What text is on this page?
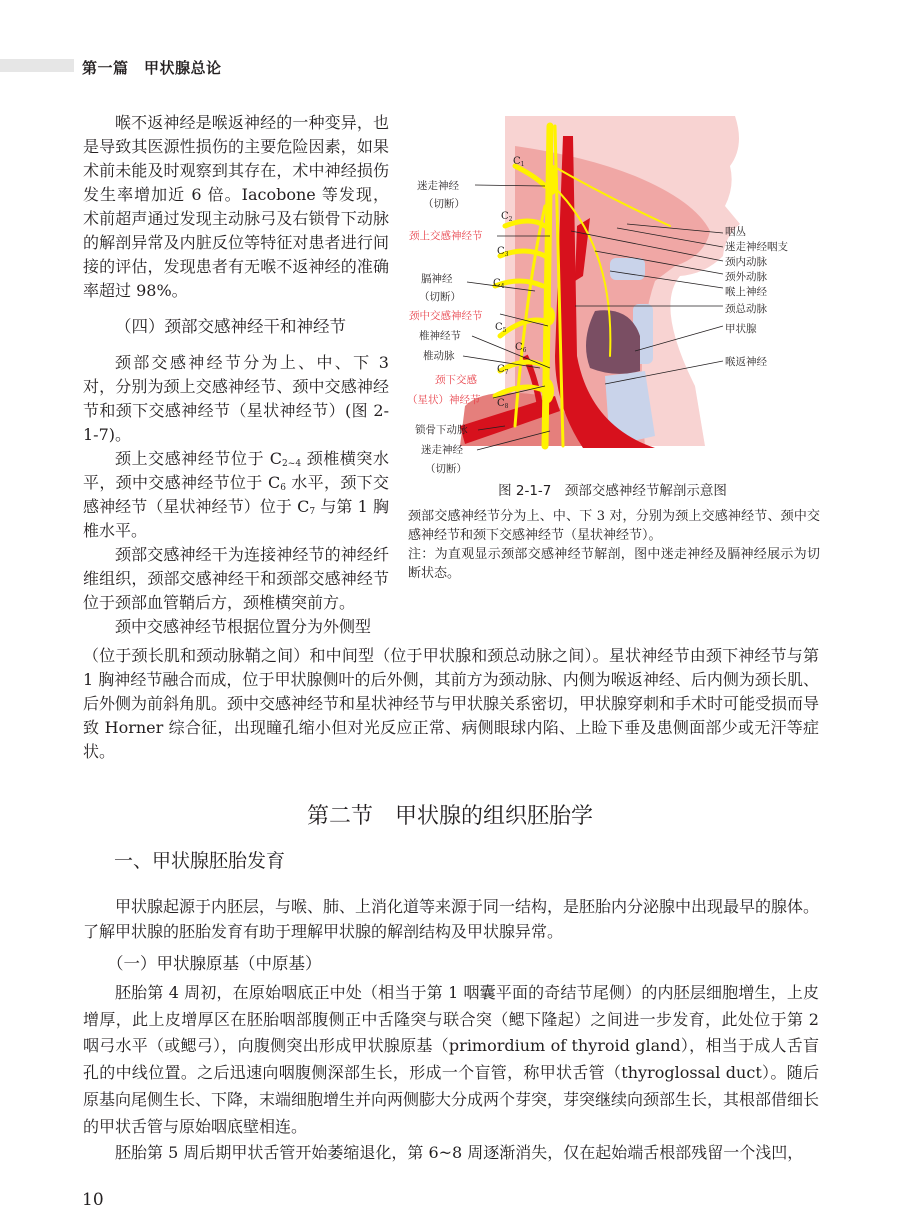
第一篇　甲状腺总论

喉不返神经是喉返神经的一种变异，也是导致其医源性损伤的主要危险因素，如果术前未能及时观察到其存在，术中神经损伤发生率增加近 6 倍。Iacobone 等发现，术前超声通过发现主动脉弓及右锁骨下动脉的解剖异常及内脏反位等特征对患者进行间接的评估，发现患者有无喉不返神经的准确率超过 98%。

（四）颈部交感神经干和神经节

颈部交感神经节分为上、中、下 3 对，分别为颈上交感神经节、颈中交感神经节和颈下交感神经节（星状神经节）(图 2-1-7)。

颈上交感神经节位于 $C_{2\sim 4}$ 颈椎横突水平，颈中交感神经节位于 $C_6$ 水平，颈下交感神经节（星状神经节）位于 $C_7$ 与第 1 胸椎水平。

颈部交感神经干为连接神经节的神经纤维组织，颈部交感神经干和颈部交感神经节位于颈部血管鞘后方，颈椎横突前方。

颈中交感神经节根据位置分为外侧型

迷走神经
（切断）
颈上交感神经节
膈神经
（切断）
颈中交感神经节
椎神经节
椎动脉
颈下交感
（星状）神经节
锁骨下动脉
迷走神经
（切断）
咽丛
迷走神经咽支
颈内动脉
颈外动脉
喉上神经
颈总动脉
甲状腺
喉返神经
$C_1$
$C_2$
$C_3$
$C_4$
$C_5$
$C_6$
$C_7$
$C_8$
图 2-1-7　颈部交感神经节解剖示意图
颈部交感神经节分为上、中、下 3 对，分别为颈上交感神经节、颈中交感神经节和颈下交感神经节（星状神经节）。
注：为直观显示颈部交感神经节解剖，图中迷走神经及膈神经展示为切断状态。

（位于颈长肌和颈动脉鞘之间）和中间型（位于甲状腺和颈总动脉之间）。星状神经节由颈下神经节与第 1 胸神经节融合而成，位于甲状腺侧叶的后外侧，其前方为颈动脉、内侧为喉返神经、后内侧为颈长肌、后外侧为前斜角肌。颈中交感神经节和星状神经节与甲状腺关系密切，甲状腺穿刺和手术时可能受损而导致 Horner 综合征，出现瞳孔缩小但对光反应正常、病侧眼球内陷、上睑下垂及患侧面部少或无汗等症状。

第二节　甲状腺的组织胚胎学
一、甲状腺胚胎发育

甲状腺起源于内胚层，与喉、肺、上消化道等来源于同一结构，是胚胎内分泌腺中出现最早的腺体。了解甲状腺的胚胎发育有助于理解甲状腺的解剖结构及甲状腺异常。

（一）甲状腺原基（中原基）

胚胎第 4 周初，在原始咽底正中处（相当于第 1 咽囊平面的奇结节尾侧）的内胚层细胞增生，上皮增厚，此上皮增厚区在胚胎咽部腹侧正中舌隆突与联合突（鳃下隆起）之间进一步发育，此处位于第 2 咽弓水平（或鳃弓），向腹侧突出形成甲状腺原基（primordium of thyroid gland），相当于成人舌盲孔的中线位置。之后迅速向咽腹侧深部生长，形成一个盲管，称甲状舌管（thyroglossal duct）。随后原基向尾侧生长、下降，末端细胞增生并向两侧膨大分成两个芽突，芽突继续向颈部生长，其根部借细长的甲状舌管与原始咽底壁相连。

胚胎第 5 周后期甲状舌管开始萎缩退化，第 6~8 周逐渐消失，仅在起始端舌根部残留一个浅凹，

10
